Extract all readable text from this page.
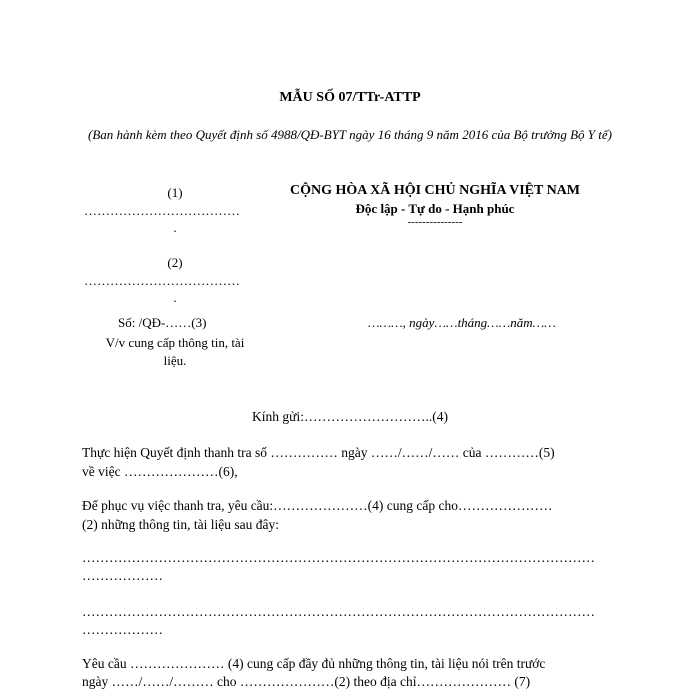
MẪU SỐ 07/TTr-ATTP
(Ban hành kèm theo Quyết định số 4988/QĐ-BYT ngày 16 tháng 9 năm 2016 của Bộ trưởng Bộ Y tế)
(1)
………………………………
.
(2)
………………………………
.
Số: /QĐ-……(3)
V/v cung cấp thông tin, tài
liệu.
CỘNG HÒA XÃ HỘI CHỦ NGHĨA VIỆT NAM
Độc lập - Tự do - Hạnh phúc
---------------
………, ngày……tháng……năm……
Kính gửi:………………………..(4)
Thực hiện Quyết định thanh tra số …………… ngày ……/……/…… của …………(5)
về việc …………………(6),
Để phục vụ việc thanh tra, yêu cầu:…………………(4) cung cấp cho…………………
(2) những thông tin, tài liệu sau đây:
……………………………………………………………………………………………………
………………
……………………………………………………………………………………………………
………………
Yêu cầu ………………… (4) cung cấp đầy đủ những thông tin, tài liệu nói trên trước
ngày ……/……/……… cho …………………(2) theo địa chỉ………………… (7)
